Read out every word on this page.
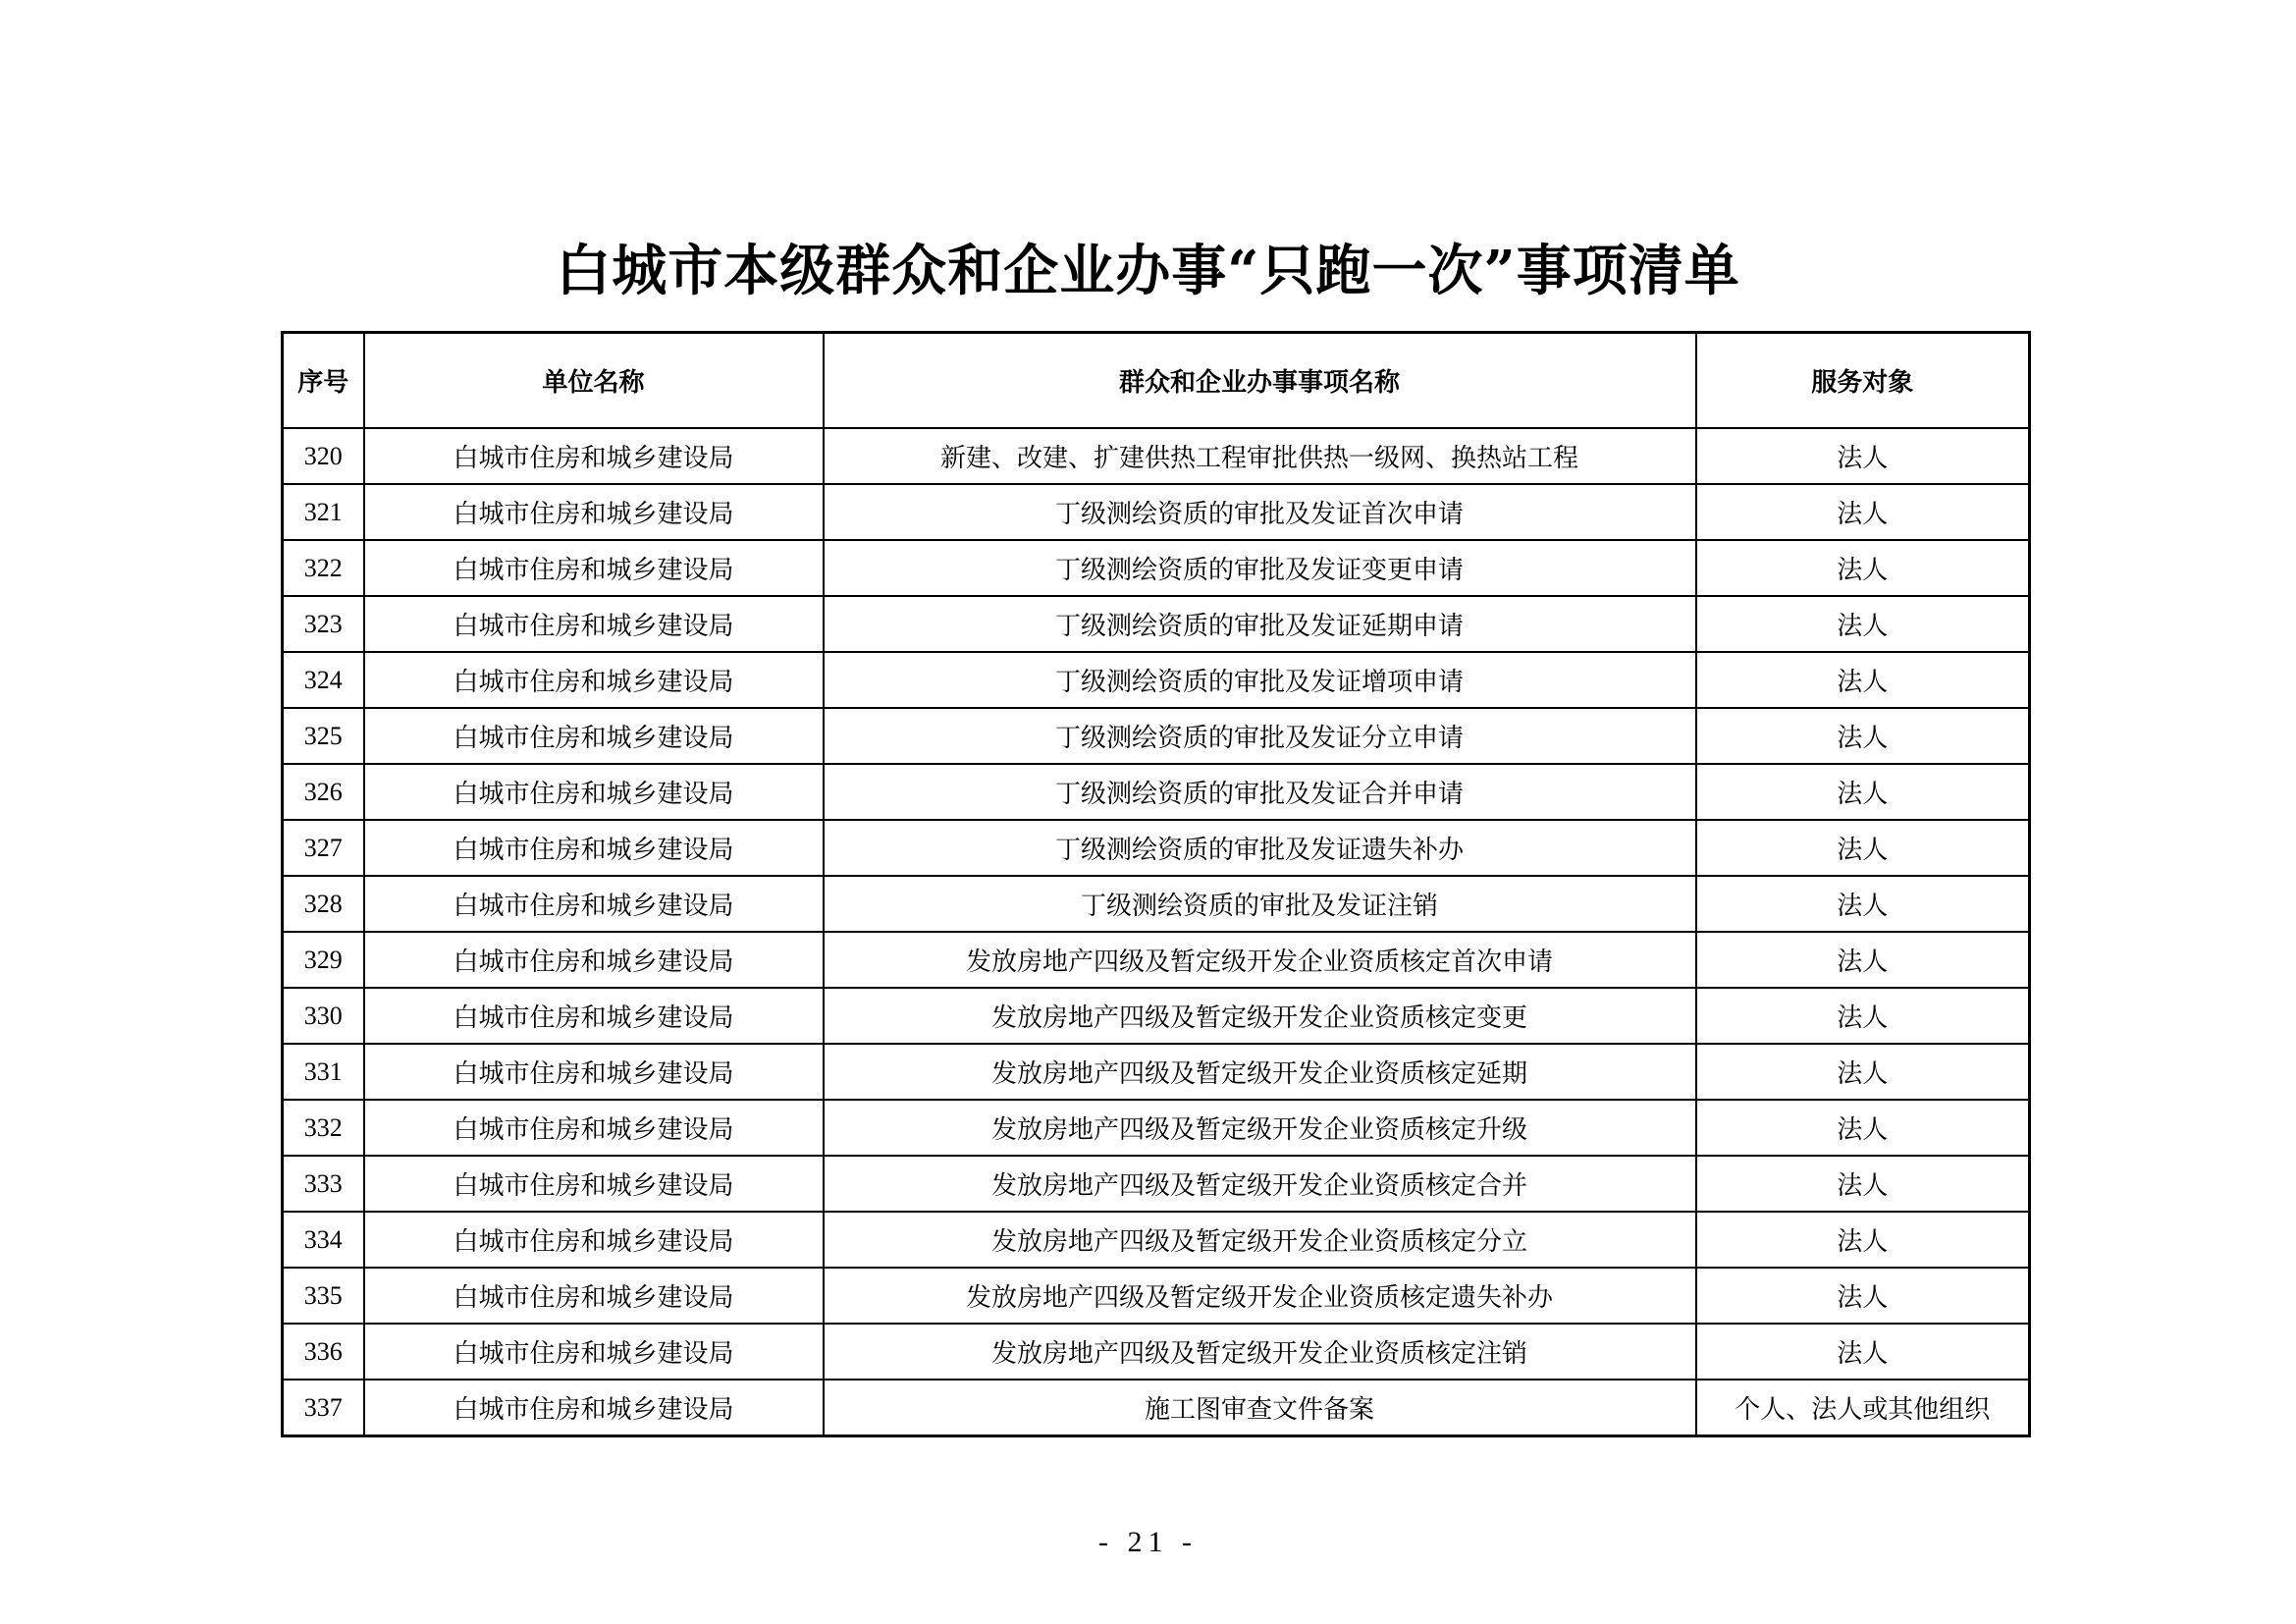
白城市本级群众和企业办事“只跑一次”事项清单
序号	单位名称	群众和企业办事事项名称	服务对象
320	白城市住房和城乡建设局	新建、改建、扩建供热工程审批供热一级网、换热站工程	法人
321	白城市住房和城乡建设局	丁级测绘资质的审批及发证首次申请	法人
322	白城市住房和城乡建设局	丁级测绘资质的审批及发证变更申请	法人
323	白城市住房和城乡建设局	丁级测绘资质的审批及发证延期申请	法人
324	白城市住房和城乡建设局	丁级测绘资质的审批及发证增项申请	法人
325	白城市住房和城乡建设局	丁级测绘资质的审批及发证分立申请	法人
326	白城市住房和城乡建设局	丁级测绘资质的审批及发证合并申请	法人
327	白城市住房和城乡建设局	丁级测绘资质的审批及发证遗失补办	法人
328	白城市住房和城乡建设局	丁级测绘资质的审批及发证注销	法人
329	白城市住房和城乡建设局	发放房地产四级及暂定级开发企业资质核定首次申请	法人
330	白城市住房和城乡建设局	发放房地产四级及暂定级开发企业资质核定变更	法人
331	白城市住房和城乡建设局	发放房地产四级及暂定级开发企业资质核定延期	法人
332	白城市住房和城乡建设局	发放房地产四级及暂定级开发企业资质核定升级	法人
333	白城市住房和城乡建设局	发放房地产四级及暂定级开发企业资质核定合并	法人
334	白城市住房和城乡建设局	发放房地产四级及暂定级开发企业资质核定分立	法人
335	白城市住房和城乡建设局	发放房地产四级及暂定级开发企业资质核定遗失补办	法人
336	白城市住房和城乡建设局	发放房地产四级及暂定级开发企业资质核定注销	法人
337	白城市住房和城乡建设局	施工图审查文件备案	个人、法人或其他组织
- 21 -
